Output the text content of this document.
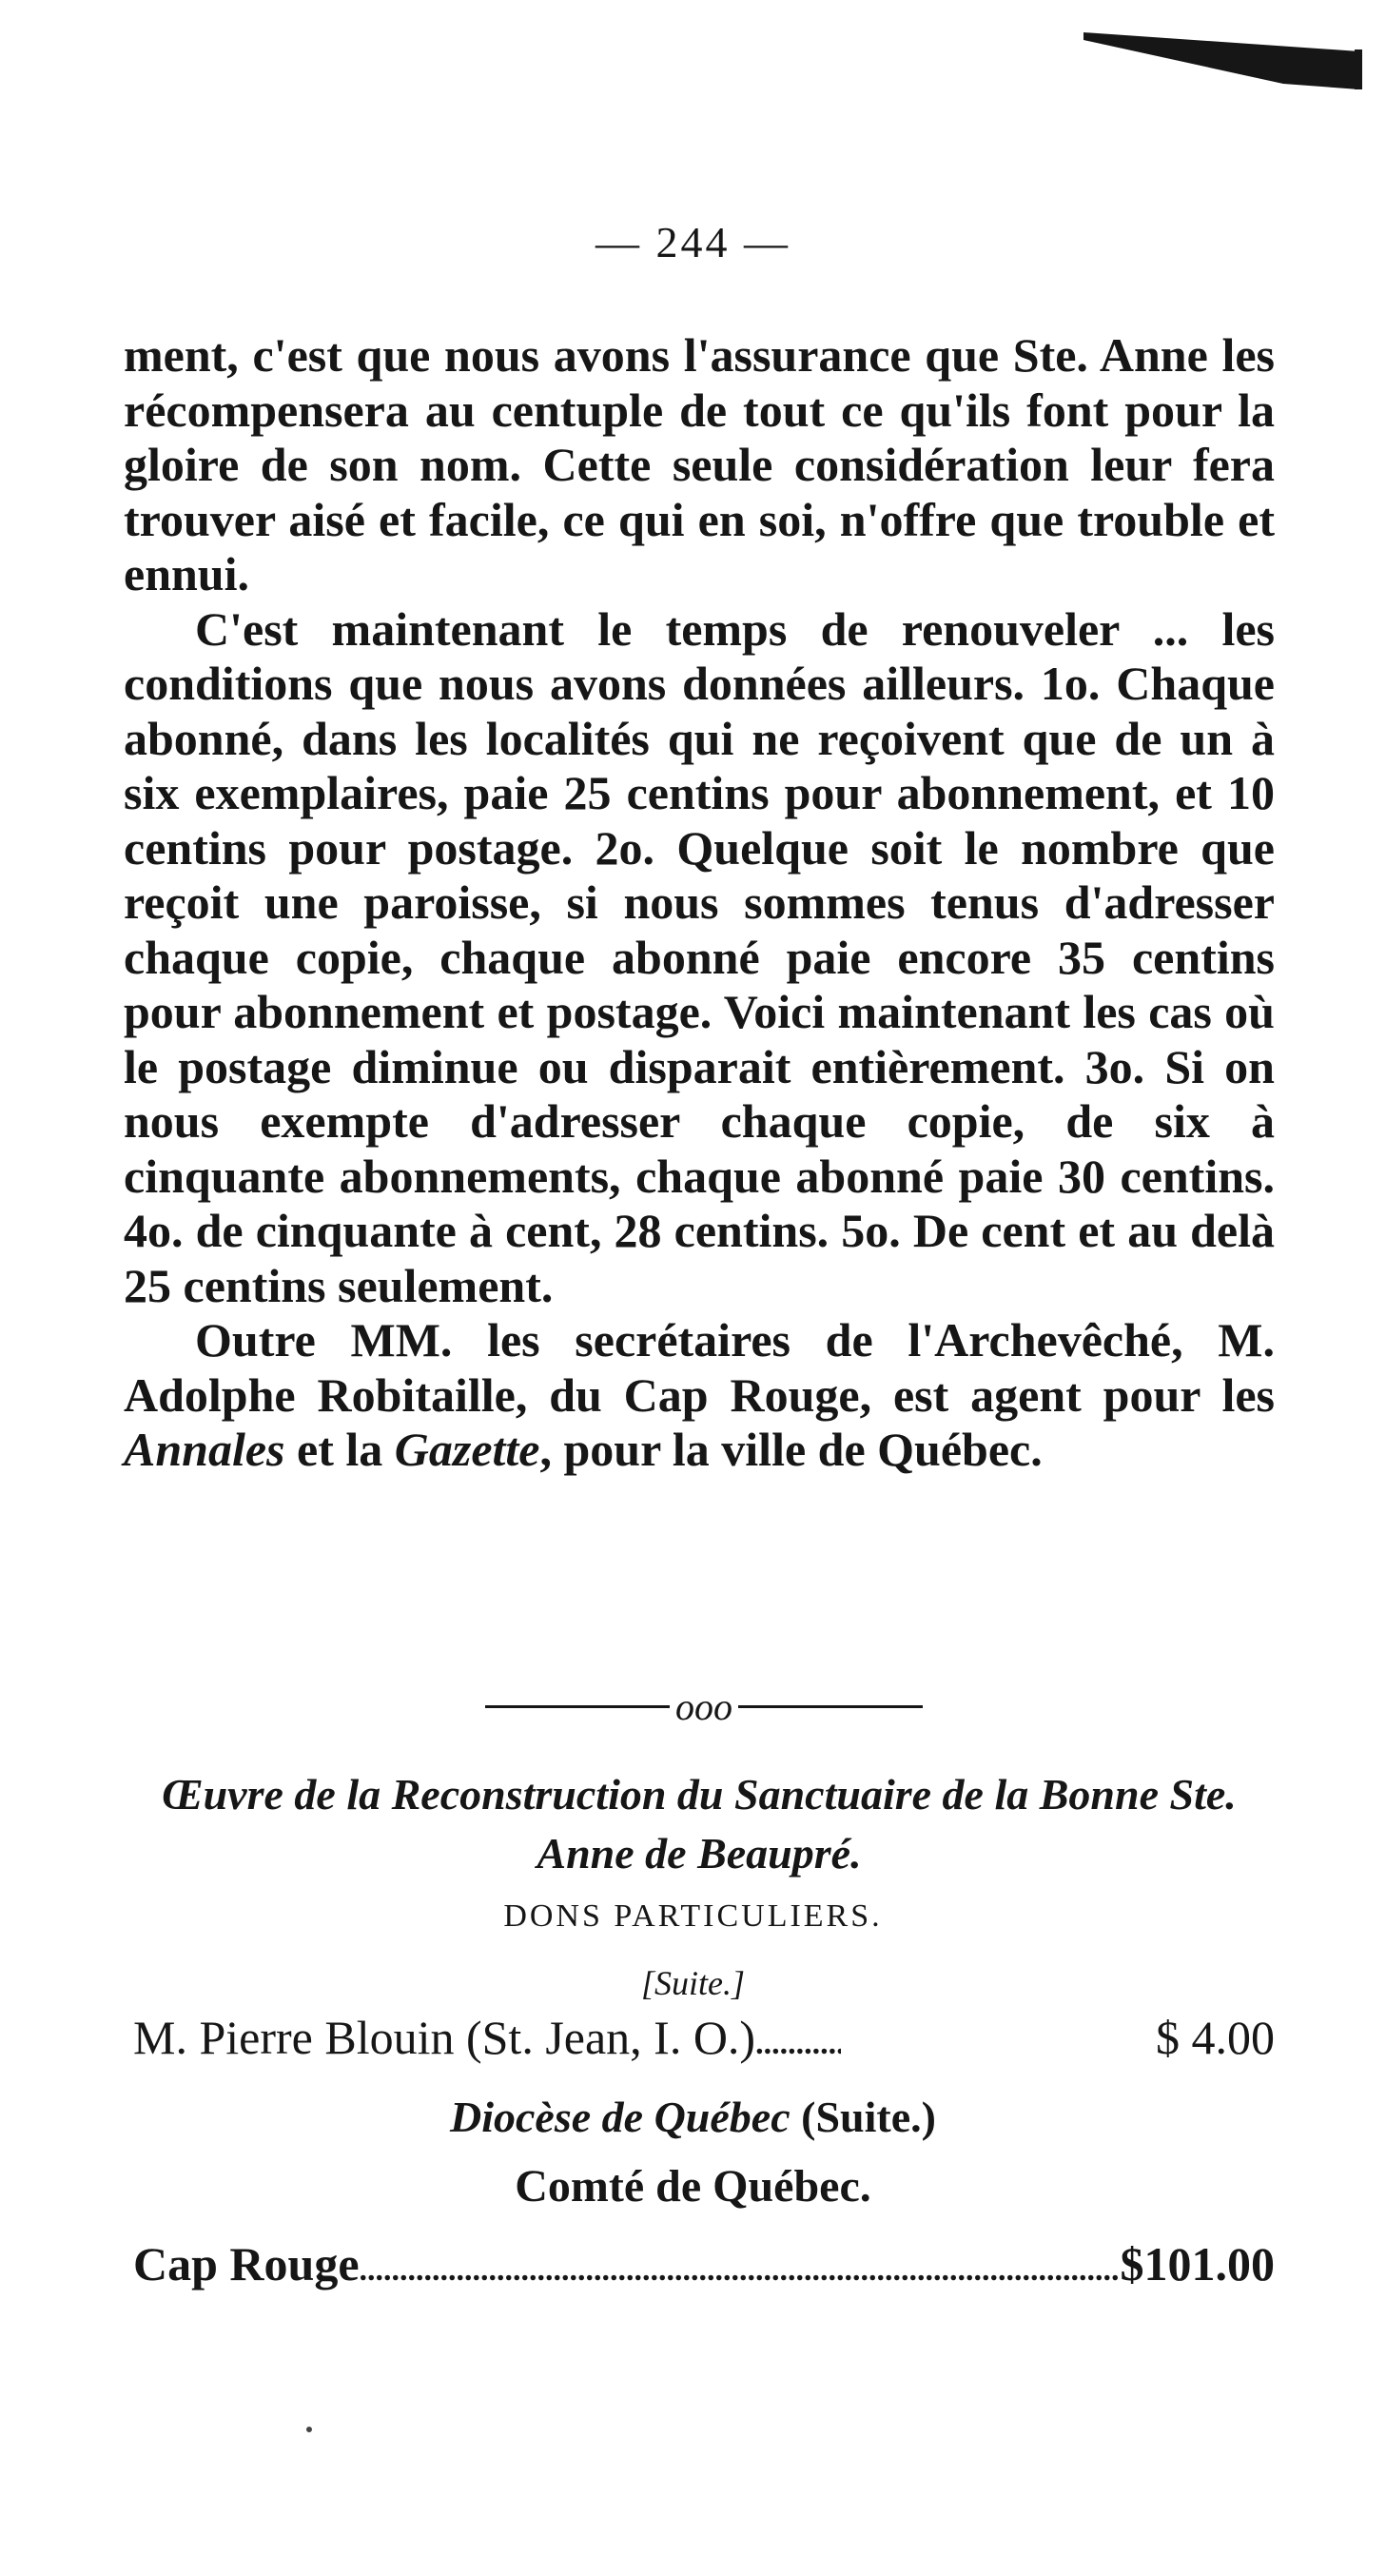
— 244 —

ment, c'est que nous avons l'assurance que Ste. Anne les récompensera au centuple de tout ce qu'ils font pour la gloire de son nom. Cette seule considération leur fera trouver aisé et facile, ce qui en soi, n'offre que trouble et ennui.

C'est maintenant le temps de renouveler ... les conditions que nous avons données ailleurs. 1o. Chaque abonné, dans les localités qui ne reçoivent que de un à six exemplaires, paie 25 centins pour abonnement, et 10 centins pour postage. 2o. Quelque soit le nombre que reçoit une paroisse, si nous sommes tenus d'adresser chaque copie, chaque abonné paie encore 35 centins pour abonnement et postage. Voici maintenant les cas où le postage diminue ou disparait entièrement. 3o. Si on nous exempte d'adresser chaque copie, de six à cinquante abonnements, chaque abonné paie 30 centins. 4o. de cinquante à cent, 28 centins. 5o. De cent et au delà 25 centins seulement.

Outre MM. les secrétaires de l'Archevêché, M. Adolphe Robitaille, du Cap Rouge, est agent pour les Annales et la Gazette, pour la ville de Québec.

ooo
Œuvre de la Reconstruction du Sanctuaire de la Bonne Ste. Anne de Beaupré.
DONS PARTICULIERS.
[Suite.]
M. Pierre Blouin (St. Jean, I. O.) .....	$ 4.00
Diocèse de Québec (Suite.)
Comté de Québec.
Cap Rouge .....	$101.00
